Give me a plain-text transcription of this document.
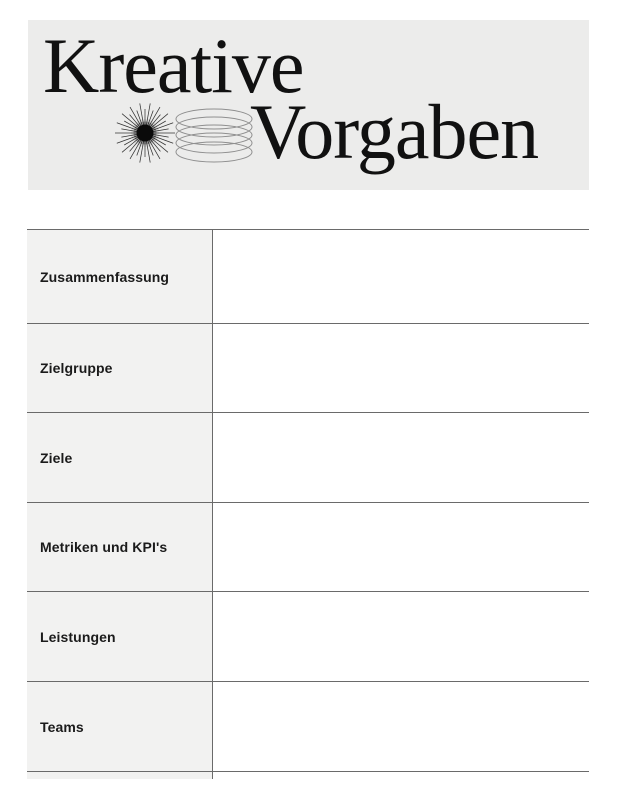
Kreative
Vorgaben
Zusammenfassung
Zielgruppe
Ziele
Metriken und KPI's
Leistungen
Teams
